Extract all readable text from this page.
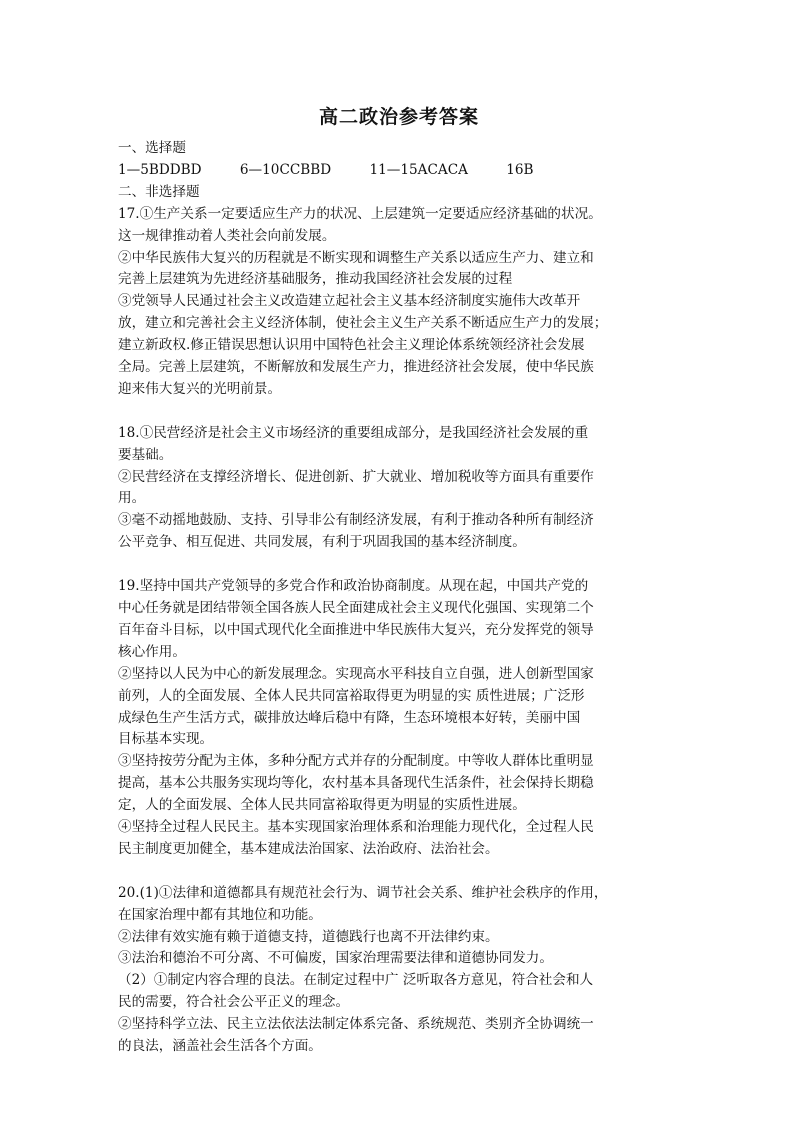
高二政治参考答案
一、选择题
1—5BDDBD	6—10CCBBD	11—15ACACA	16B
二、非选择题
17.①生产关系一定要适应生产力的状况、上层建筑一定要适应经济基础的状况。
这一规律推动着人类社会向前发展。
②中华民族伟大复兴的历程就是不断实现和调整生产关系以适应生产力、建立和
完善上层建筑为先进经济基础服务，推动我国经济社会发展的过程
③党领导人民通过社会主义改造建立起社会主义基本经济制度实施伟大改革开
放，建立和完善社会主义经济体制，使社会主义生产关系不断适应生产力的发展；
建立新政权.修正错误思想认识用中国特色社会主义理论体系统领经济社会发展
全局。完善上层建筑，不断解放和发展生产力，推进经济社会发展，使中华民族
迎来伟大复兴的光明前景。
18.①民营经济是社会主义市场经济的重要组成部分，是我国经济社会发展的重
要基础。
②民营经济在支撑经济增长、促进创新、扩大就业、增加税收等方面具有重要作
用。
③毫不动摇地鼓励、支持、引导非公有制经济发展，有利于推动各种所有制经济
公平竞争、相互促进、共同发展，有利于巩固我国的基本经济制度。
19.坚持中国共产党领导的多党合作和政治协商制度。从现在起，中国共产党的
中心任务就是团结带领全国各族人民全面建成社会主义现代化强国、实现第二个
百年奋斗目标，以中国式现代化全面推进中华民族伟大复兴，充分发挥党的领导
核心作用。
②坚持以人民为中心的新发展理念。实现高水平科技自立自强，进人创新型国家
前列，人的全面发展、全体人民共同富裕取得更为明显的实 质性进展；广泛形
成绿色生产生活方式，碳排放达峰后稳中有降，生态环境根本好转，美丽中国
目标基本实现。
③坚持按劳分配为主体，多种分配方式并存的分配制度。中等收人群体比重明显
提高，基本公共服务实现均等化，农村基本具备现代生活条件，社会保持长期稳
定，人的全面发展、全体人民共同富裕取得更为明显的实质性进展。
④坚持全过程人民民主。基本实现国家治理体系和治理能力现代化，全过程人民
民主制度更加健全，基本建成法治国家、法治政府、法治社会。
20.(1)①法律和道德都具有规范社会行为、调节社会关系、维护社会秩序的作用，
在国家治理中都有其地位和功能。
②法律有效实施有赖于道德支持，道德践行也离不开法律约束。
③法治和德治不可分离、不可偏废，国家治理需要法律和道德协同发力。
（2）①制定内容合理的良法。在制定过程中广 泛听取各方意见，符合社会和人
民的需要，符合社会公平正义的理念。
②坚持科学立法、民主立法依法法制定体系完备、系统规范、类别齐全协调统一
的良法，涵盖社会生活各个方面。
